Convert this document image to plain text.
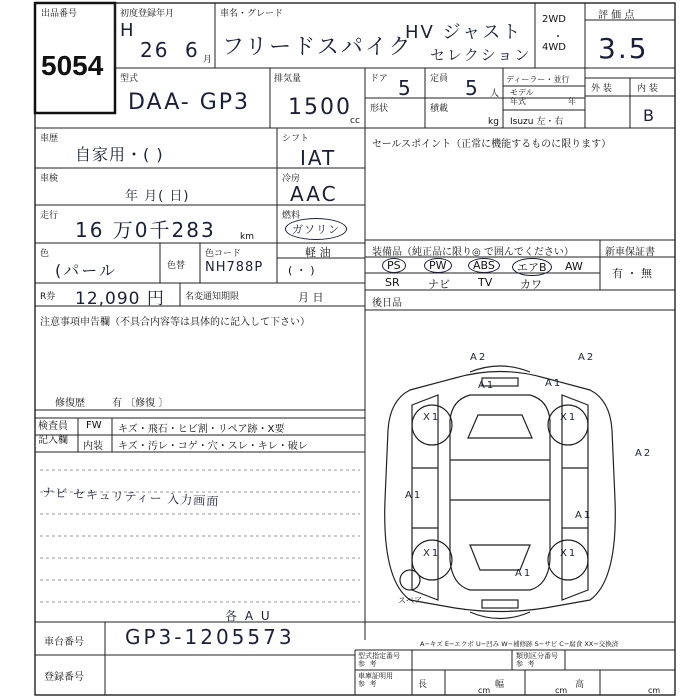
出品番号
5054
初度登録年月
H
26 6 月
車名・グレード
フリードスパイク
HV ジャスト
セレクション
2WD
・
4WD
評 価 点
3.5
外 装	内 装
B
型式
DAA- GP3
排気量
1500
cc
ドア 5 定員 5 人
ディーラー・並行
モデル
年式	年
形状	積載
kg Isuzu 左・右
車歴
自家用・( )
シフト
IAT
車検
年 月( 日)
冷房
AAC
走行
16 万0千283	km
燃料
ガソリン
軽 油
( ・ )
色
(パール	色替
色コード
NH788P
R券 12,090 円 名変通知期限	月 日
セールスポイント（正常に機能するものに限ります）
装備品（純正品に限り◎ で囲んでください）	新車保証書
有 ・ 無
PS	PW	ABS	エアB	AW
SR	ナビ	TV	カワ
後日品
注意事項申告欄（不具合内容等は具体的に記入して下さい）
修復歴	有 〔修復 〕
検査員
記入欄
FW キズ・飛石・ヒビ割・リペア跡・X要
内装 キズ・汚レ・コゲ・穴・スレ・キレ・破レ
ナビ セキュリティー 入力画面
各 A U
スペア
A2	A2
A1	A1
A2
X1	X1
X1	X1
A1
A1
A1
A−キズ E−エクボ U−凹み W−補修跡 S−サビ C−腐食 XX−交換済
車台番号 GP3-1205573
登録番号
型式指定番号
参  考
類別区分番号
参  考
車庫証明用
参  考	長
cm
幅
cm
高
cm
